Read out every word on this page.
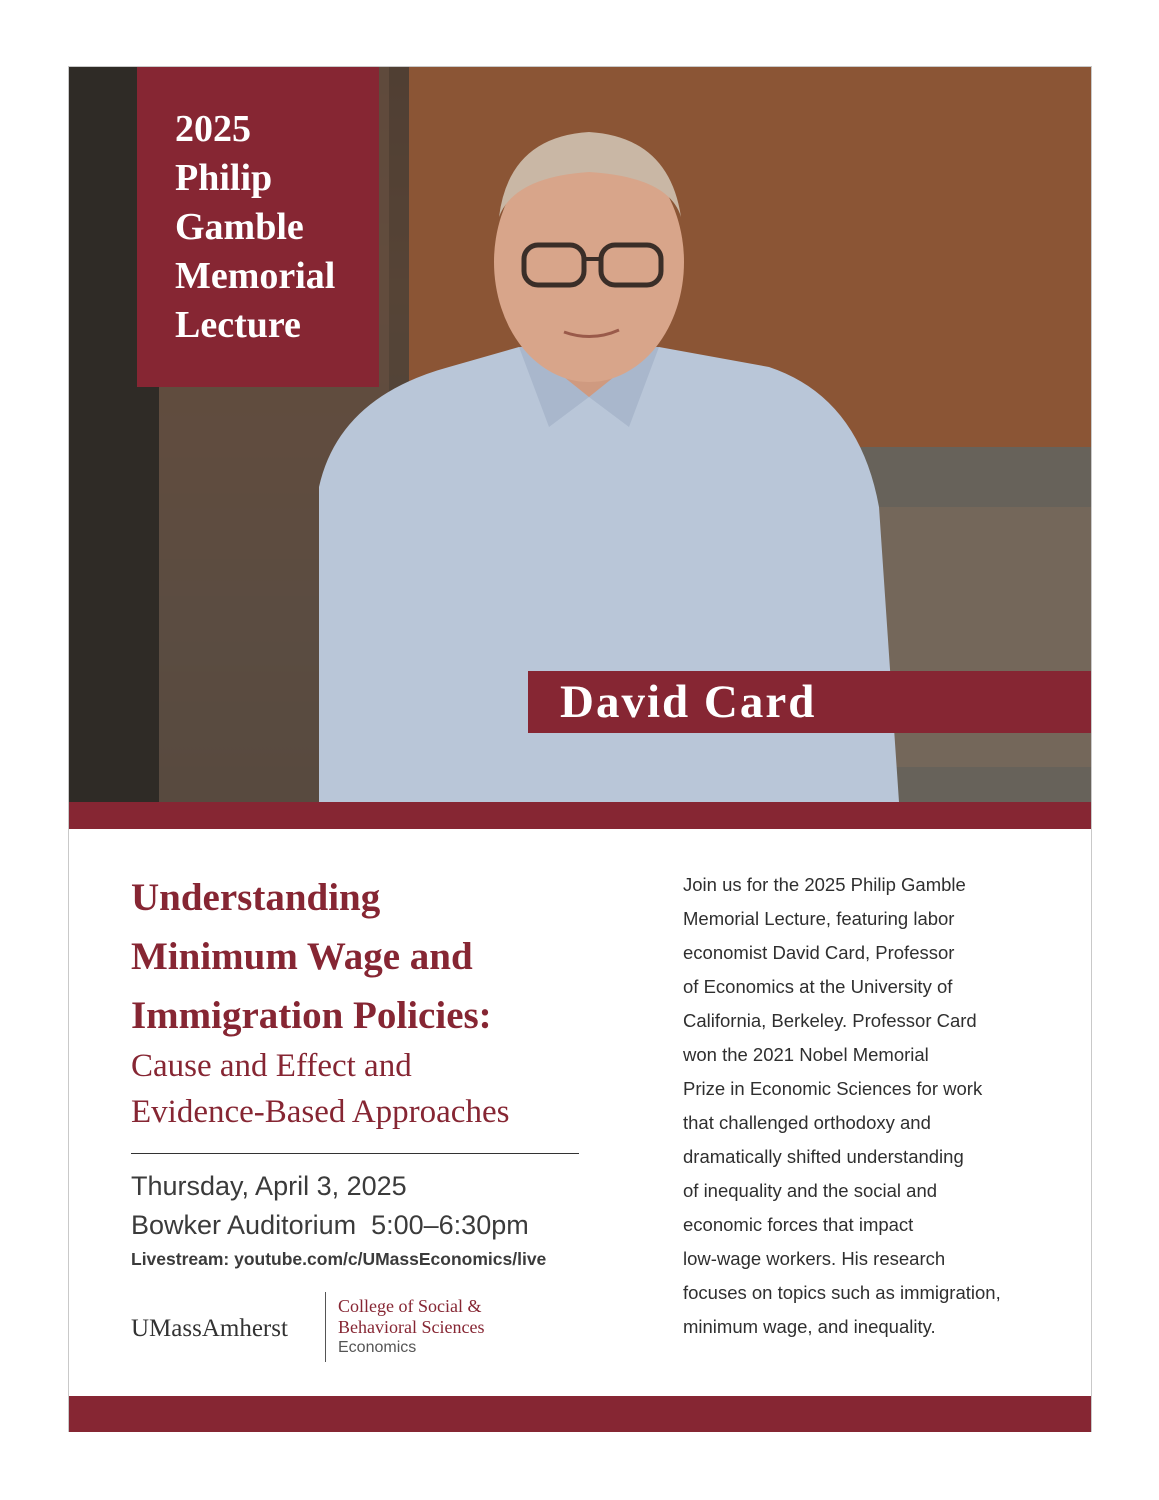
2025
Philip
Gamble
Memorial
Lecture
David Card
Understanding
Minimum Wage and
Immigration Policies:
Cause and Effect and
Evidence-Based Approaches
Thursday, April 3, 2025
Bowker Auditorium  5:00–6:30pm
Livestream: youtube.com/c/UMassEconomics/live
UMassAmherst
College of Social &
Behavioral Sciences
Economics

Join us for the 2025 Philip Gamble
Memorial Lecture, featuring labor
economist David Card, Professor
of Economics at the University of
California, Berkeley. Professor Card
won the 2021 Nobel Memorial
Prize in Economic Sciences for work
that challenged orthodoxy and
dramatically shifted understanding
of inequality and the social and
economic forces that impact
low-wage workers. His research
focuses on topics such as immigration,
minimum wage, and inequality.
